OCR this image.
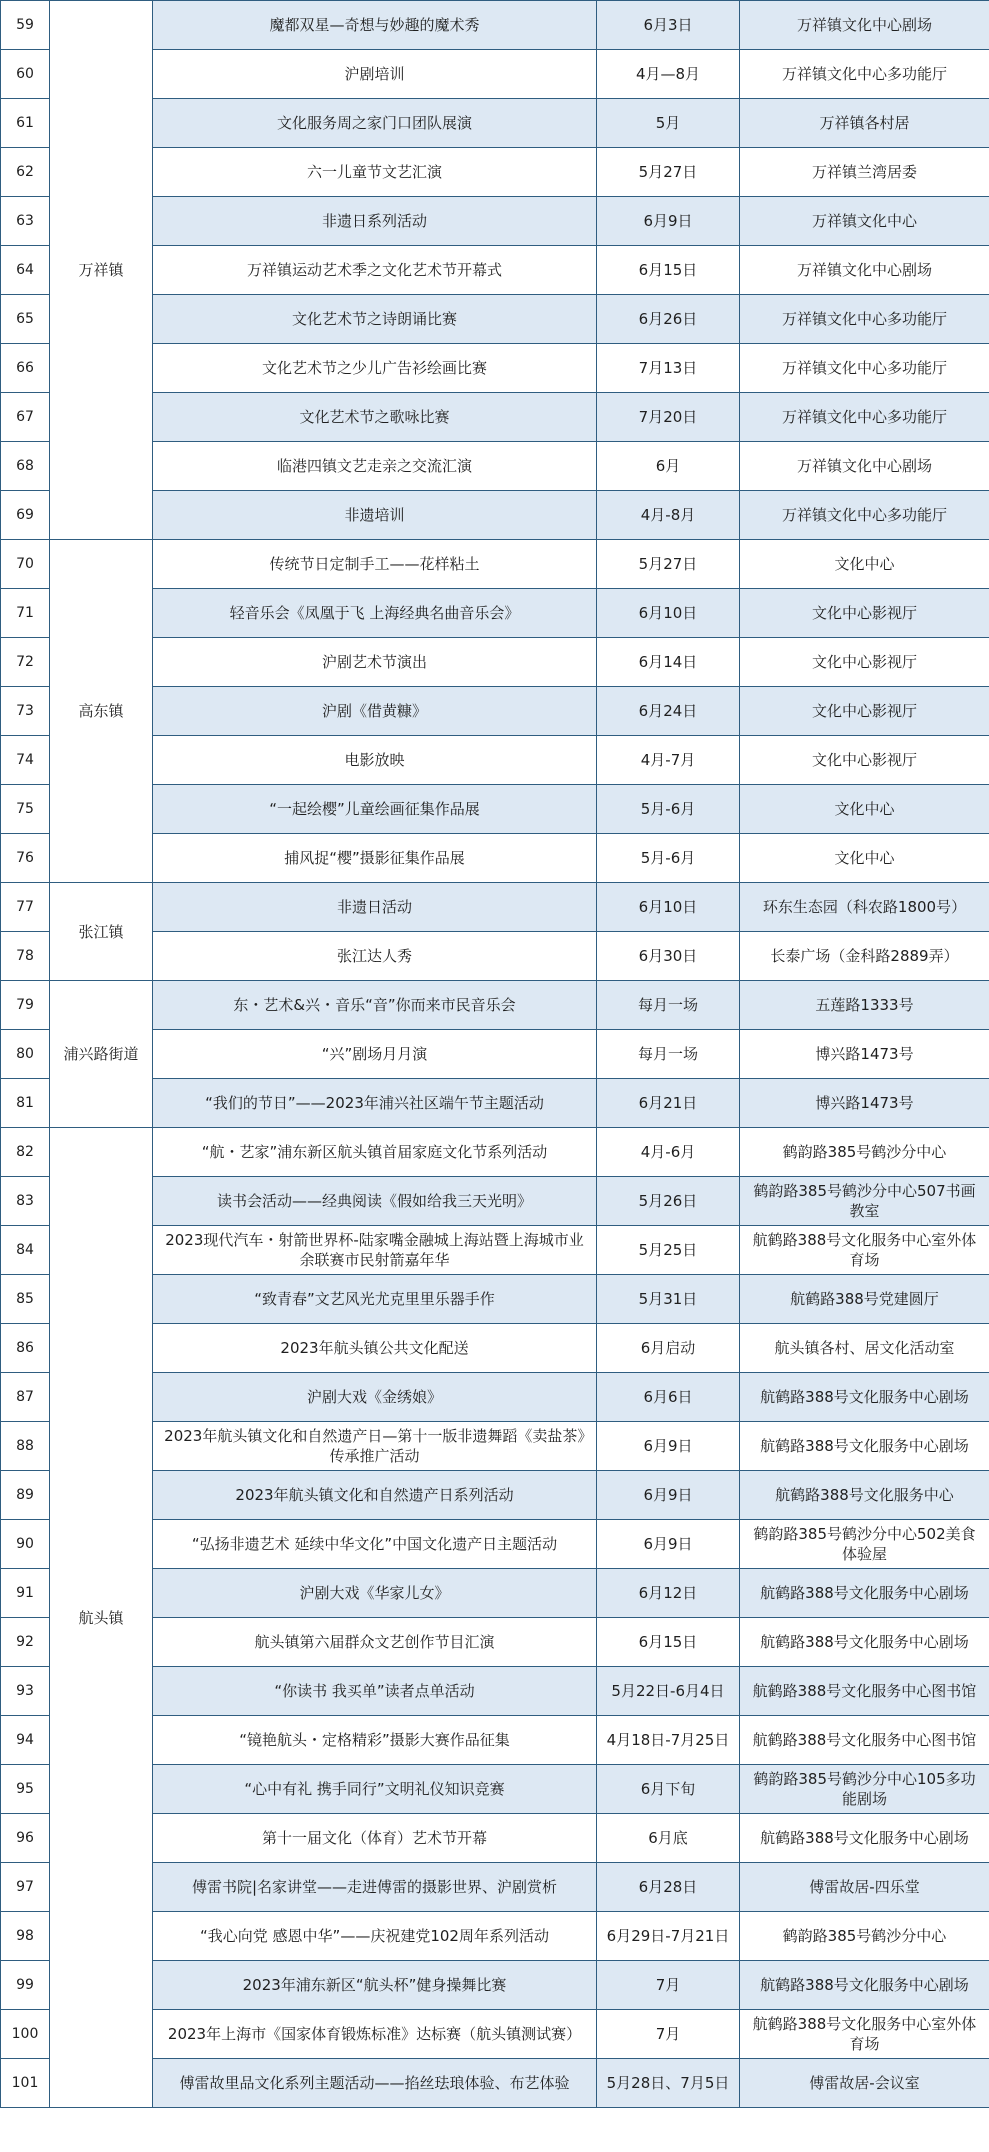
59	万祥镇	魔都双星—奇想与妙趣的魔术秀	6月3日	万祥镇文化中心剧场
60		沪剧培训	4月—8月	万祥镇文化中心多功能厅
61		文化服务周之家门口团队展演	5月	万祥镇各村居
62		六一儿童节文艺汇演	5月27日	万祥镇兰湾居委
63		非遗日系列活动	6月9日	万祥镇文化中心
64		万祥镇运动艺术季之文化艺术节开幕式	6月15日	万祥镇文化中心剧场
65		文化艺术节之诗朗诵比赛	6月26日	万祥镇文化中心多功能厅
66		文化艺术节之少儿广告衫绘画比赛	7月13日	万祥镇文化中心多功能厅
67		文化艺术节之歌咏比赛	7月20日	万祥镇文化中心多功能厅
68		临港四镇文艺走亲之交流汇演	6月	万祥镇文化中心剧场
69		非遗培训	4月-8月	万祥镇文化中心多功能厅
70	高东镇	传统节日定制手工——花样粘土	5月27日	文化中心
71		轻音乐会《凤凰于飞 上海经典名曲音乐会》	6月10日	文化中心影视厅
72		沪剧艺术节演出	6月14日	文化中心影视厅
73		沪剧《借黄糠》	6月24日	文化中心影视厅
74		电影放映	4月-7月	文化中心影视厅
75		“一起绘樱”儿童绘画征集作品展	5月-6月	文化中心
76		捕风捉“樱”摄影征集作品展	5月-6月	文化中心
77	张江镇	非遗日活动	6月10日	环东生态园（科农路1800号）
78		张江达人秀	6月30日	长泰广场（金科路2889弄）
79	浦兴路街道	东・艺术&兴・音乐“音”你而来市民音乐会	每月一场	五莲路1333号
80		“兴”剧场月月演	每月一场	博兴路1473号
81		“我们的节日”——2023年浦兴社区端午节主题活动	6月21日	博兴路1473号
82	航头镇	“航・艺家”浦东新区航头镇首届家庭文化节系列活动	4月-6月	鹤韵路385号鹤沙分中心
83		读书会活动——经典阅读《假如给我三天光明》	5月26日	鹤韵路385号鹤沙分中心507书画教室
84		2023现代汽车・射箭世界杯-陆家嘴金融城上海站暨上海城市业余联赛市民射箭嘉年华	5月25日	航鹤路388号文化服务中心室外体育场
85		“致青春”文艺风光尤克里里乐器手作	5月31日	航鹤路388号党建圆厅
86		2023年航头镇公共文化配送	6月启动	航头镇各村、居文化活动室
87		沪剧大戏《金绣娘》	6月6日	航鹤路388号文化服务中心剧场
88		2023年航头镇文化和自然遗产日—第十一版非遗舞蹈《卖盐茶》传承推广活动	6月9日	航鹤路388号文化服务中心剧场
89		2023年航头镇文化和自然遗产日系列活动	6月9日	航鹤路388号文化服务中心
90		“弘扬非遗艺术 延续中华文化”中国文化遗产日主题活动	6月9日	鹤韵路385号鹤沙分中心502美食体验屋
91		沪剧大戏《华家儿女》	6月12日	航鹤路388号文化服务中心剧场
92		航头镇第六届群众文艺创作节目汇演	6月15日	航鹤路388号文化服务中心剧场
93		“你读书 我买单”读者点单活动	5月22日-6月4日	航鹤路388号文化服务中心图书馆
94		“镜艳航头・定格精彩”摄影大赛作品征集	4月18日-7月25日	航鹤路388号文化服务中心图书馆
95		“心中有礼 携手同行”文明礼仪知识竞赛	6月下旬	鹤韵路385号鹤沙分中心105多功能剧场
96		第十一届文化（体育）艺术节开幕	6月底	航鹤路388号文化服务中心剧场
97		傅雷书院|名家讲堂——走进傅雷的摄影世界、沪剧赏析	6月28日	傅雷故居-四乐堂
98		“我心向党 感恩中华”——庆祝建党102周年系列活动	6月29日-7月21日	鹤韵路385号鹤沙分中心
99		2023年浦东新区“航头杯”健身操舞比赛	7月	航鹤路388号文化服务中心剧场
100		2023年上海市《国家体育锻炼标准》达标赛（航头镇测试赛）	7月	航鹤路388号文化服务中心室外体育场
101		傅雷故里品文化系列主题活动——掐丝珐琅体验、布艺体验	5月28日、7月5日	傅雷故居-会议室
